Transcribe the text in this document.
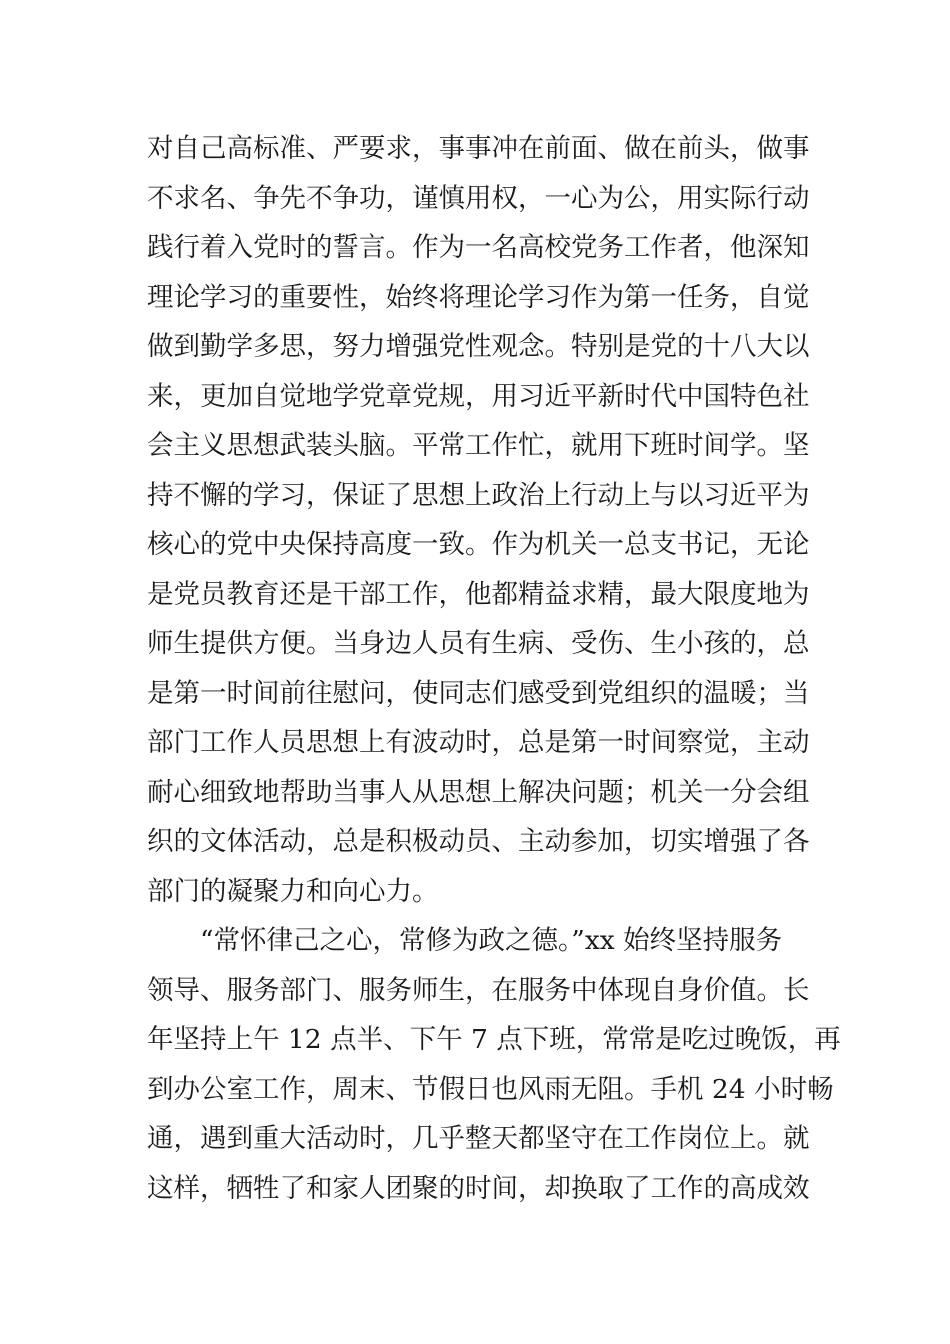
对自己高标准、严要求，事事冲在前面、做在前头，做事
不求名、争先不争功，谨慎用权，一心为公，用实际行动
践行着入党时的誓言。作为一名高校党务工作者，他深知
理论学习的重要性，始终将理论学习作为第一任务，自觉
做到勤学多思，努力增强党性观念。特别是党的十八大以
来，更加自觉地学党章党规，用习近平新时代中国特色社
会主义思想武装头脑。平常工作忙，就用下班时间学。坚
持不懈的学习，保证了思想上政治上行动上与以习近平为
核心的党中央保持高度一致。作为机关一总支书记，无论
是党员教育还是干部工作，他都精益求精，最大限度地为
师生提供方便。当身边人员有生病、受伤、生小孩的，总
是第一时间前往慰问，使同志们感受到党组织的温暖；当
部门工作人员思想上有波动时，总是第一时间察觉，主动
耐心细致地帮助当事人从思想上解决问题；机关一分会组
织的文体活动，总是积极动员、主动参加，切实增强了各
部门的凝聚力和向心力。
“常怀律己之心，常修为政之德。”xx 始终坚持服务
领导、服务部门、服务师生，在服务中体现自身价值。长
年坚持上午 12 点半、下午 7 点下班，常常是吃过晚饭，再
到办公室工作，周末、节假日也风雨无阻。手机 24 小时畅
通，遇到重大活动时，几乎整天都坚守在工作岗位上。就
这样，牺牲了和家人团聚的时间，却换取了工作的高成效
